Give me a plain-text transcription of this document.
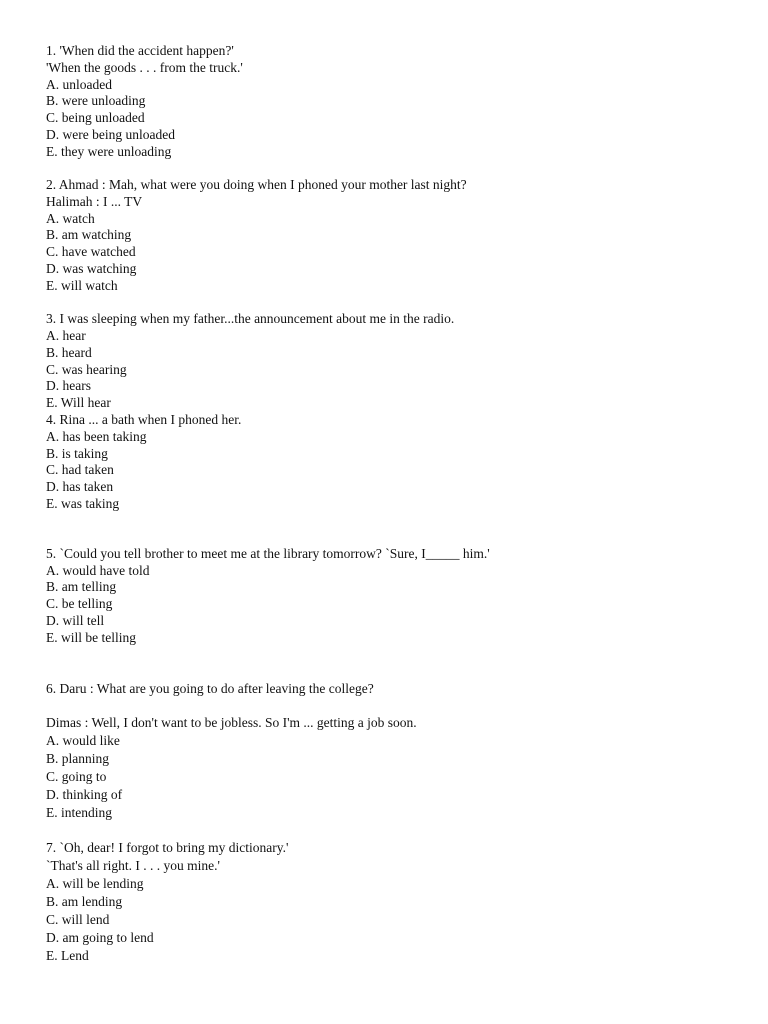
1. 'When did the accident happen?'
'When the goods . . . from the truck.'
A. unloaded
B. were unloading
C. being unloaded
D. were being unloaded
E. they were unloading
2. Ahmad : Mah, what were you doing when I phoned your mother last night?
Halimah : I ... TV
A. watch
B. am watching
C. have watched
D. was watching
E. will watch
3. I was sleeping when my father...the announcement about me in the radio.
A. hear
B. heard
C. was hearing
D. hears
E. Will hear
4. Rina ... a bath when I phoned her.
A. has been taking
B. is taking
C. had taken
D. has taken
E. was taking
5. `Could you tell brother to meet me at the library tomorrow? `Sure, I_____ him.'
A. would have told
B. am telling
C. be telling
D. will tell
E. will be telling
6. Daru : What are you going to do after leaving the college?
Dimas : Well, I don't want to be jobless. So I'm ... getting a job soon.
A. would like
B. planning
C. going to
D. thinking of
E. intending
7. `Oh, dear! I forgot to bring my dictionary.'
`That's all right. I . . . you mine.'
A. will be lending
B. am lending
C. will lend
D. am going to lend
E. Lend
